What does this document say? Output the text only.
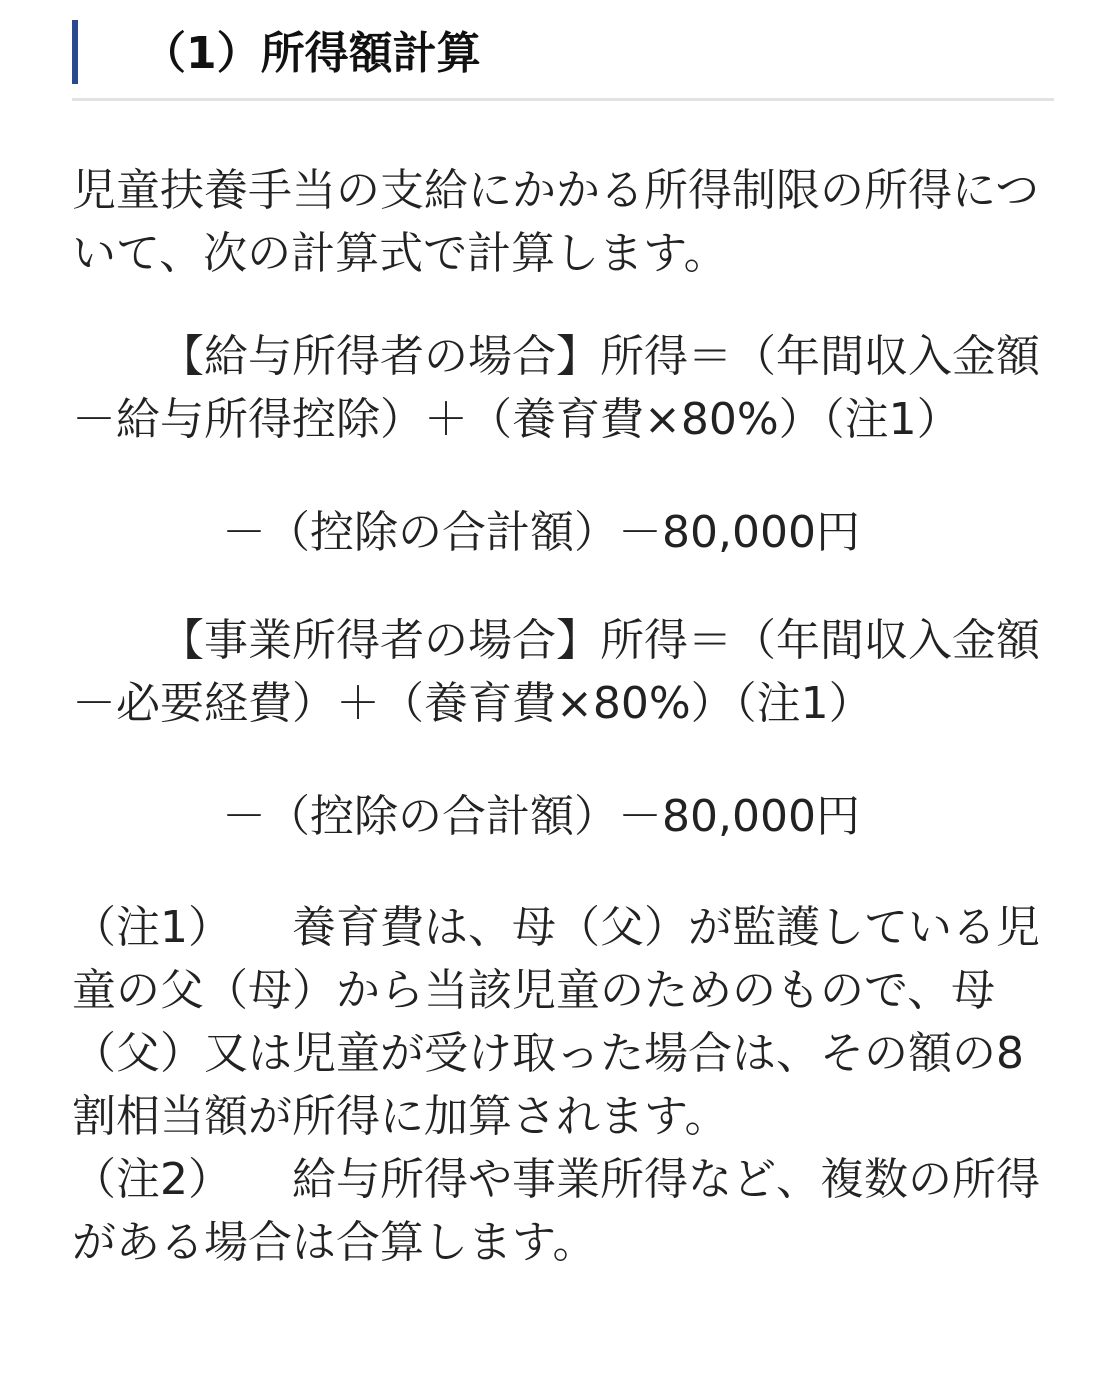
（1）所得額計算

児童扶養手当の支給にかかる所得制限の所得について、次の計算式で計算します。

【給与所得者の場合】所得＝（年間収入金額－給与所得控除）＋（養育費×80%）（注1）

－（控除の合計額）－80,000円

【事業所得者の場合】所得＝（年間収入金額－必要経費）＋（養育費×80%）（注1）

－（控除の合計額）－80,000円

（注1） 養育費は、母（父）が監護している児童の父（母）から当該児童のためのもので、母（父）又は児童が受け取った場合は、その額の8割相当額が所得に加算されます。
（注2） 給与所得や事業所得など、複数の所得がある場合は合算します。
